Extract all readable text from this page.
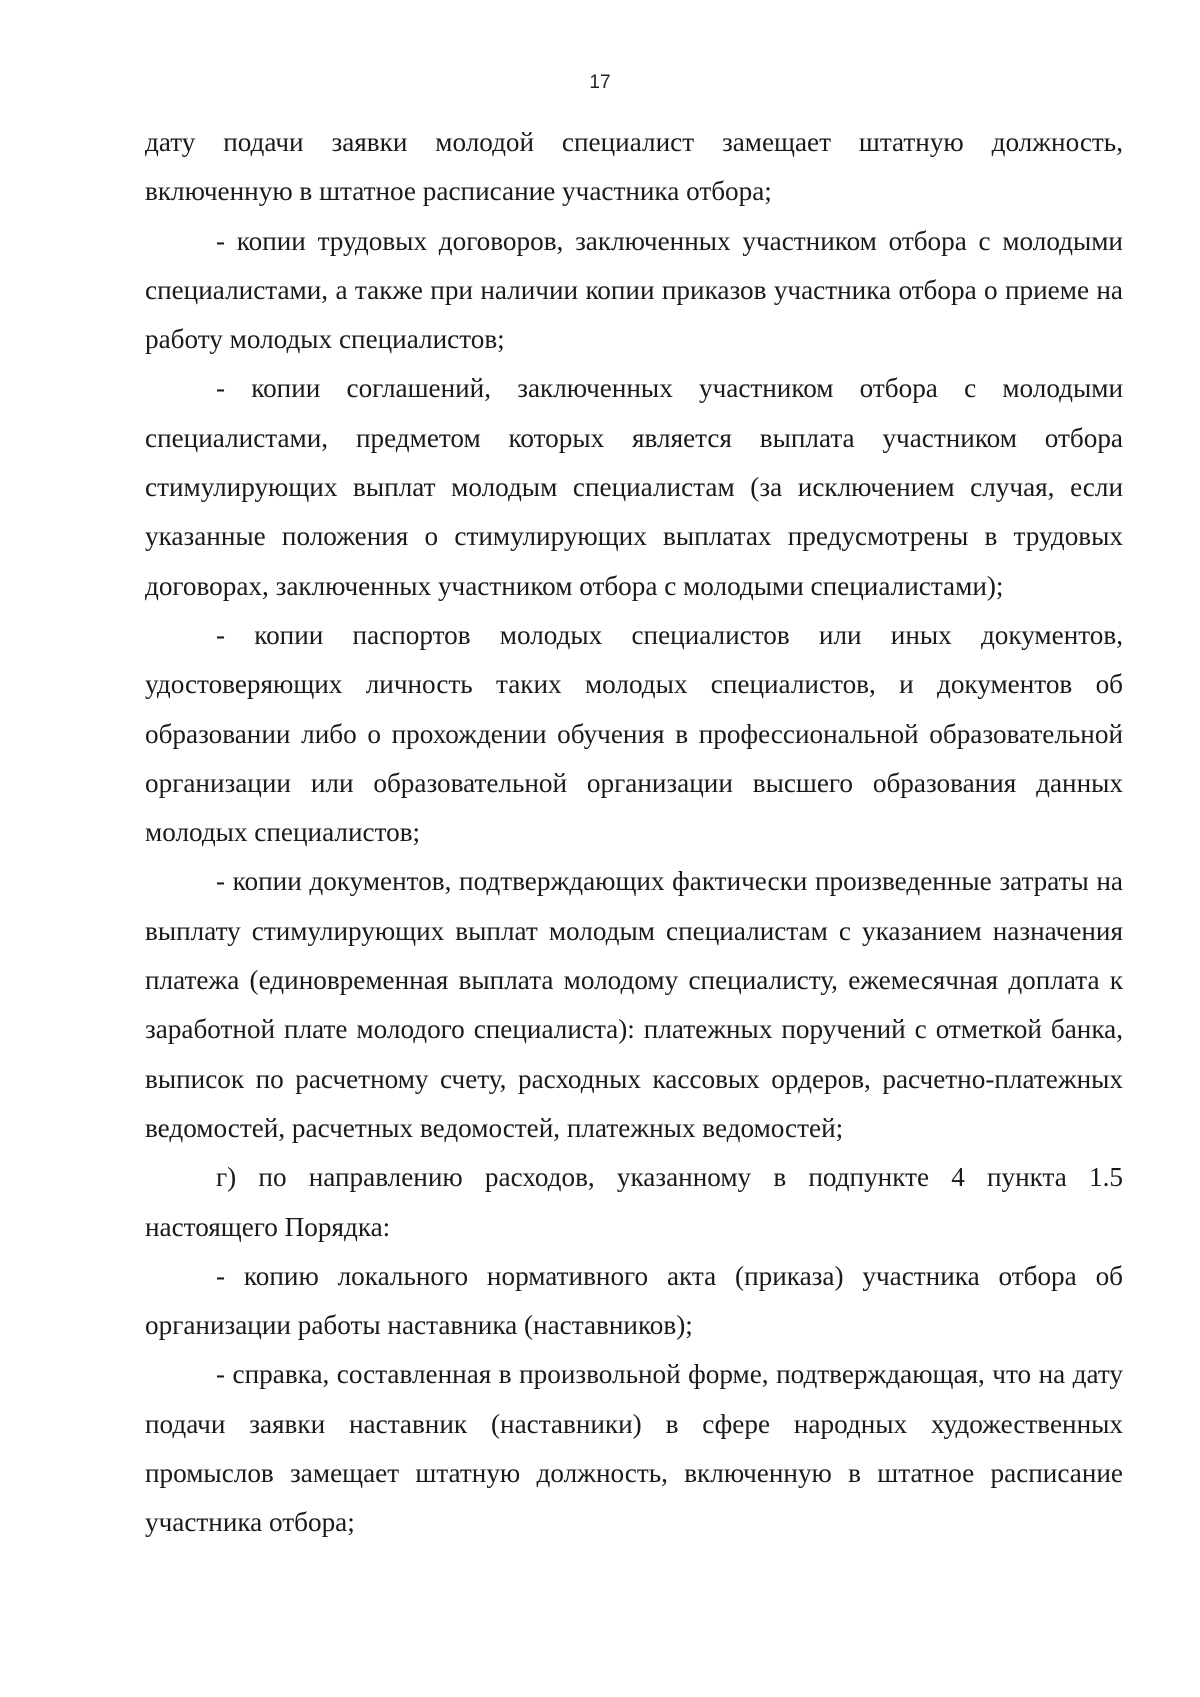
17

дату подачи заявки молодой специалист замещает штатную должность, включенную в штатное расписание участника отбора;

- копии трудовых договоров, заключенных участником отбора с молодыми специалистами, а также при наличии копии приказов участника отбора о приеме на работу молодых специалистов;

- копии соглашений, заключенных участником отбора с молодыми специалистами, предметом которых является выплата участником отбора стимулирующих выплат молодым специалистам (за исключением случая, если указанные положения о стимулирующих выплатах предусмотрены в трудовых договорах, заключенных участником отбора с молодыми специалистами);

- копии паспортов молодых специалистов или иных документов, удостоверяющих личность таких молодых специалистов, и документов об образовании либо о прохождении обучения в профессиональной образовательной организации или образовательной организации высшего образования данных молодых специалистов;

- копии документов, подтверждающих фактически произведенные затраты на выплату стимулирующих выплат молодым специалистам с указанием назначения платежа (единовременная выплата молодому специалисту, ежемесячная доплата к заработной плате молодого специалиста): платежных поручений с отметкой банка, выписок по расчетному счету, расходных кассовых ордеров, расчетно-платежных ведомостей, расчетных ведомостей, платежных ведомостей;

г) по направлению расходов, указанному в подпункте 4 пункта 1.5 настоящего Порядка:

- копию локального нормативного акта (приказа) участника отбора об организации работы наставника (наставников);

- справка, составленная в произвольной форме, подтверждающая, что на дату подачи заявки наставник (наставники) в сфере народных художественных промыслов замещает штатную должность, включенную в штатное расписание участника отбора;
